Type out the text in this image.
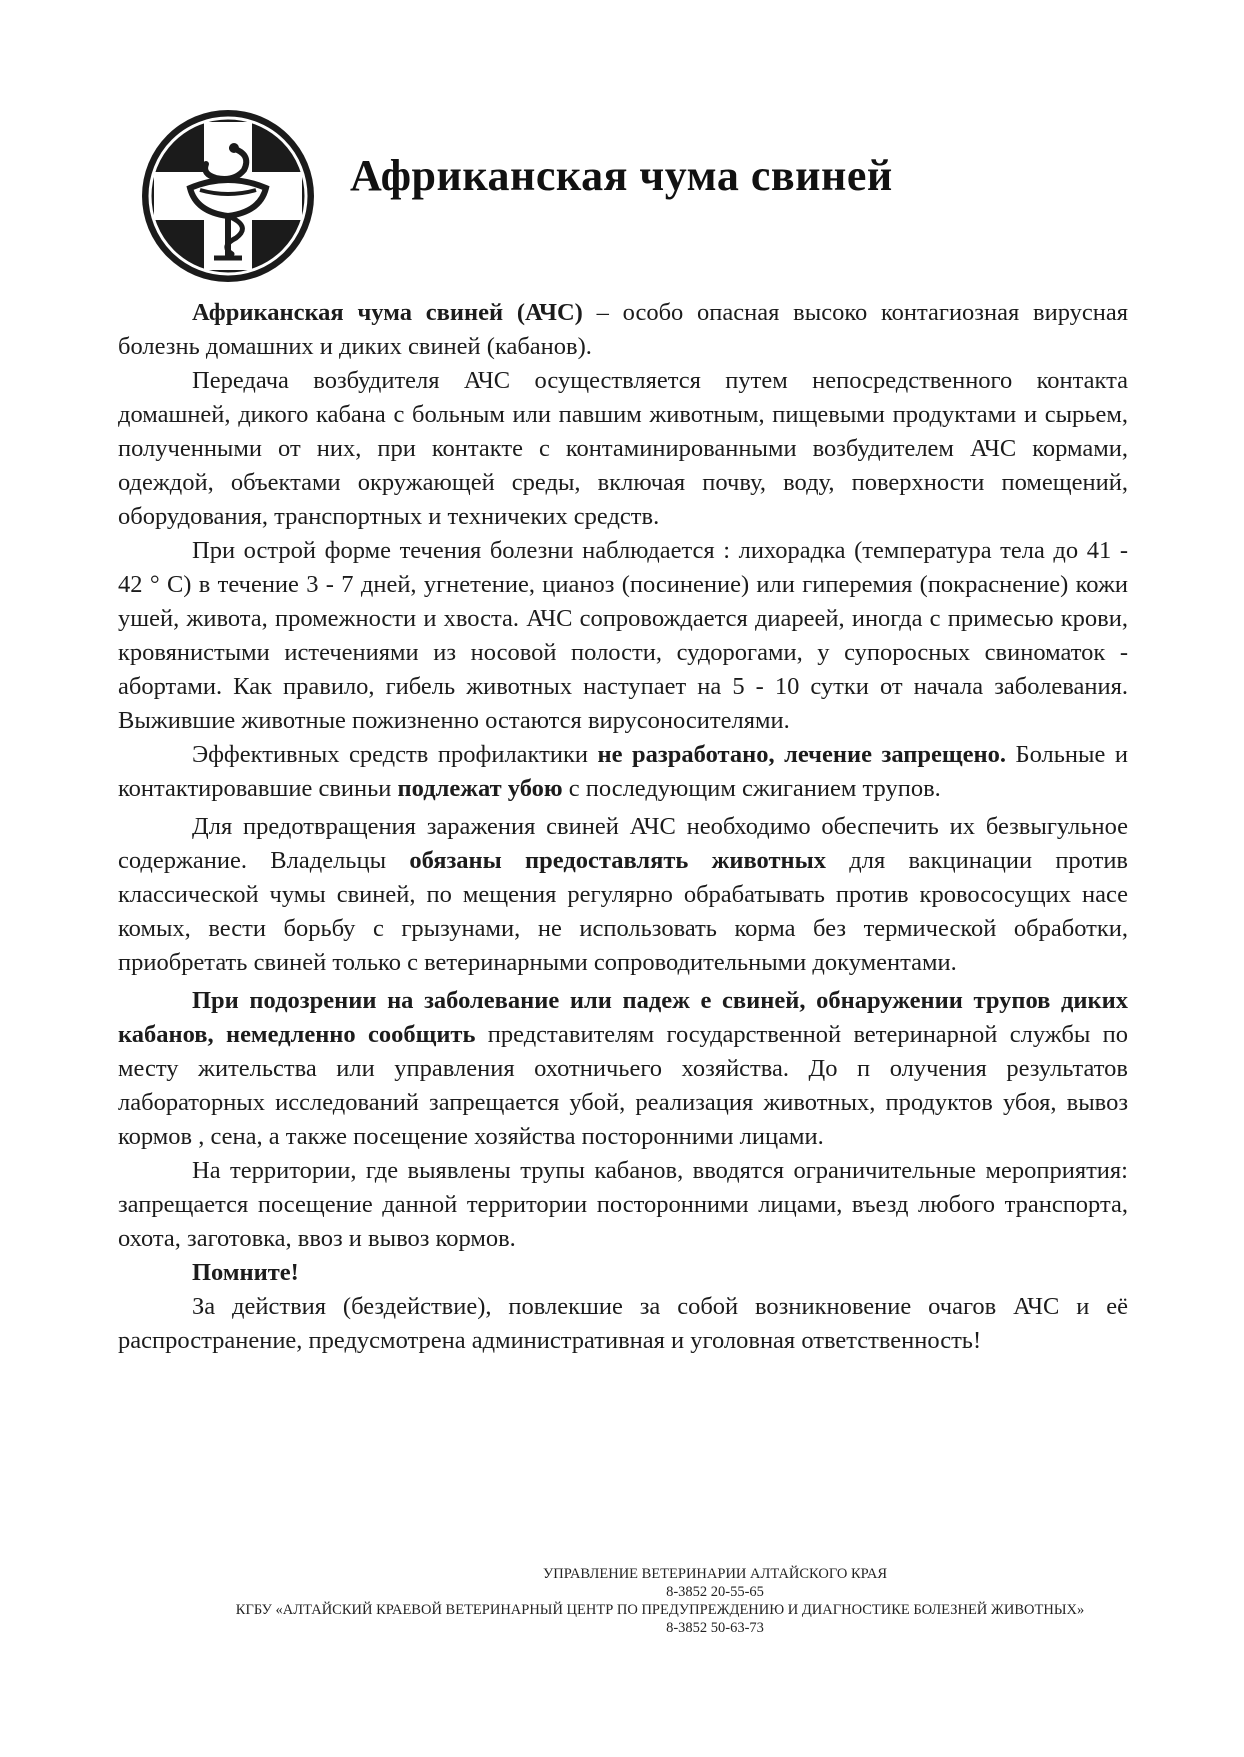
Африканская чума свиней

Африканская чума свиней (АЧС) – особо опасная высоко контагиозная вирусная болезнь домашних и диких свиней (кабанов).

Передача возбудителя АЧС осуществляется путем непосредственного контакта домашней, дикого кабана с больным или павшим животным, пищевыми продуктами и сырьем, полученными от них, при контакте с контаминированными возбудителем АЧС кормами, одеждой, объектами окружающей среды, включая почву, воду, поверхности помещений, оборудования, транспортных и техничеких средств.

При острой форме течения болезни наблюдается : лихорадка (температура тела до 41 - 42 ° С) в течение 3 - 7 дней, угнетение, цианоз (посинение) или гиперемия (покраснение) кожи ушей, живота, промежности и хвоста. АЧС сопровождается диареей, иногда с примесью крови, кровянистыми истечениями из носовой полости, судорогами, у супоросных свиноматок - абортами. Как правило, гибель животных наступает на 5 - 10 сутки от начала заболевания. Выжившие животные пожизненно остаются вирусоносителями.

Эффективных средств профилактики не разработано, лечение запрещено. Больные и контактировавшие свиньи подлежат убою с последующим сжиганием трупов.

Для предотвращения заражения свиней АЧС необходимо обеспечить их безвыгульное содержание. Владельцы обязаны предоставлять животных для вакцинации против классической чумы свиней, по мещения регулярно обрабатывать против кровососущих насе комых, вести борьбу с грызунами, не использовать корма без термической обработки, приобретать свиней только с ветеринарными сопроводительными документами.

При подозрении на заболевание или падеж е свиней, обнаружении трупов диких кабанов, немедленно сообщить представителям государственной ветеринарной службы по месту жительства или управления охотничьего хозяйства. До п олучения результатов лабораторных исследований запрещается убой, реализация животных, продуктов убоя, вывоз кормов , сена, а также посещение хозяйства посторонними лицами.

На территории, где выявлены трупы кабанов, вводятся ограничительные мероприятия: запрещается посещение данной территории посторонними лицами, въезд любого транспорта, охота, заготовка, ввоз и вывоз кормов.

Помните!

За действия (бездействие), повлекшие за собой возникновение очагов АЧС и её распространение, предусмотрена административная и уголовная ответственность!

УПРАВЛЕНИЕ ВЕТЕРИНАРИИ АЛТАЙСКОГО КРАЯ
8-3852 20-55-65
КГБУ «АЛТАЙСКИЙ КРАЕВОЙ ВЕТЕРИНАРНЫЙ ЦЕНТР ПО ПРЕДУПРЕЖДЕНИЮ И ДИАГНОСТИКЕ БОЛЕЗНЕЙ ЖИВОТНЫХ»
8-3852 50-63-73
